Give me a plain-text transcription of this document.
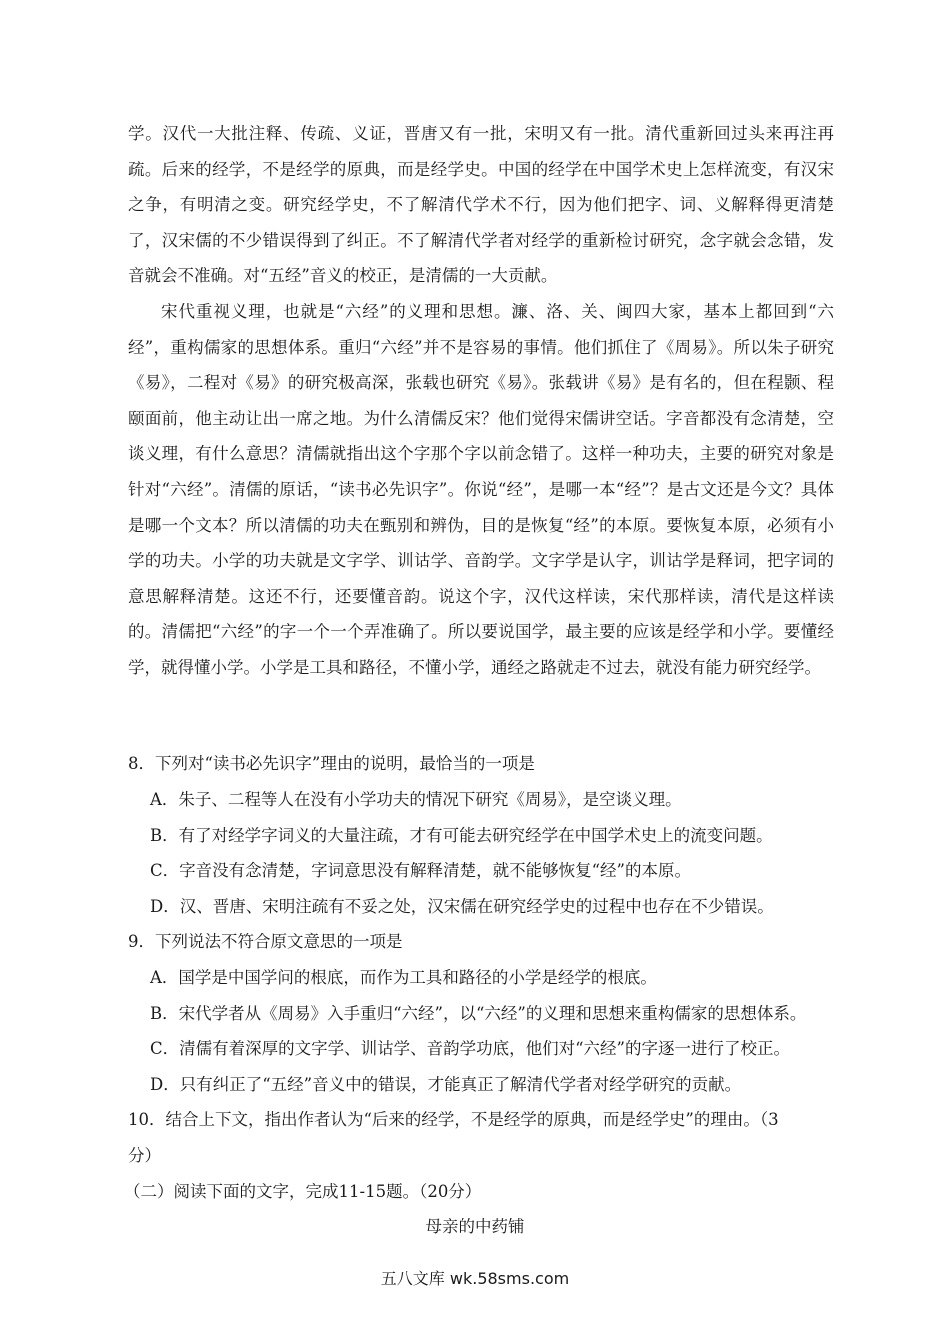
学。汉代一大批注释、传疏、义证，晋唐又有一批，宋明又有一批。清代重新回过头来再注再疏。后来的经学，不是经学的原典，而是经学史。中国的经学在中国学术史上怎样流变，有汉宋之争，有明清之变。研究经学史，不了解清代学术不行，因为他们把字、词、义解释得更清楚了，汉宋儒的不少错误得到了纠正。不了解清代学者对经学的重新检讨研究，念字就会念错，发音就会不准确。对“五经”音义的校正，是清儒的一大贡献。

宋代重视义理，也就是“六经”的义理和思想。濂、洛、关、闽四大家，基本上都回到“六经”，重构儒家的思想体系。重归“六经”并不是容易的事情。他们抓住了《周易》。所以朱子研究《易》，二程对《易》的研究极高深，张载也研究《易》。张载讲《易》是有名的，但在程颢、程颐面前，他主动让出一席之地。为什么清儒反宋？他们觉得宋儒讲空话。字音都没有念清楚，空谈义理，有什么意思？清儒就指出这个字那个字以前念错了。这样一种功夫，主要的研究对象是针对“六经”。清儒的原话，“读书必先识字”。你说“经”，是哪一本“经”？是古文还是今文？具体是哪一个文本？所以清儒的功夫在甄别和辨伪，目的是恢复“经”的本原。要恢复本原，必须有小学的功夫。小学的功夫就是文字学、训诂学、音韵学。文字学是认字，训诂学是释词，把字词的意思解释清楚。这还不行，还要懂音韵。说这个字，汉代这样读，宋代那样读，清代是这样读的。清儒把“六经”的字一个一个弄准确了。所以要说国学，最主要的应该是经学和小学。要懂经学，就得懂小学。小学是工具和路径，不懂小学，通经之路就走不过去，就没有能力研究经学。

8．下列对“读书必先识字”理由的说明，最恰当的一项是

A．朱子、二程等人在没有小学功夫的情况下研究《周易》，是空谈义理。

B．有了对经学字词义的大量注疏，才有可能去研究经学在中国学术史上的流变问题。

C．字音没有念清楚，字词意思没有解释清楚，就不能够恢复“经”的本原。

D．汉、晋唐、宋明注疏有不妥之处，汉宋儒在研究经学史的过程中也存在不少错误。

9．下列说法不符合原文意思的一项是

A．国学是中国学问的根底，而作为工具和路径的小学是经学的根底。

B．宋代学者从《周易》入手重归“六经”，以“六经”的义理和思想来重构儒家的思想体系。

C．清儒有着深厚的文字学、训诂学、音韵学功底，他们对“六经”的字逐一进行了校正。

D．只有纠正了“五经”音义中的错误，才能真正了解清代学者对经学研究的贡献。

10．结合上下文，指出作者认为“后来的经学，不是经学的原典，而是经学史”的理由。（3

分）

（二）阅读下面的文字，完成11-15题。（20分）

母亲的中药铺

五八文库 wk.58sms.com
